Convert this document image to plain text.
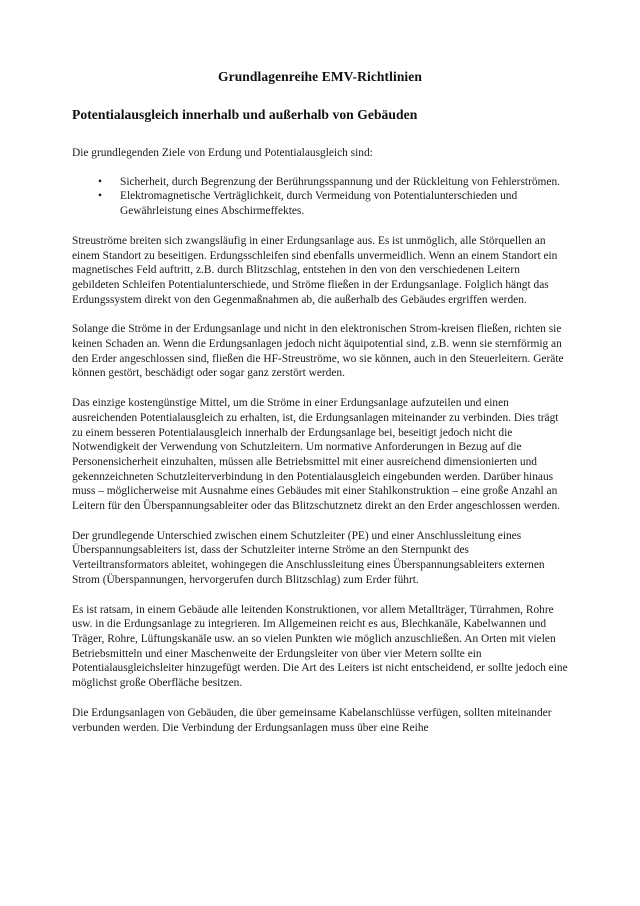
Grundlagenreihe EMV-Richtlinien
Potentialausgleich innerhalb und außerhalb von Gebäuden

Die grundlegenden Ziele von Erdung und Potentialausgleich sind:

• Sicherheit, durch Begrenzung der Berührungsspannung und der Rückleitung von Fehlerströmen.
• Elektromagnetische Verträglichkeit, durch Vermeidung von Potentialunterschieden und Gewährleistung eines Abschirmeffektes.

Streuströme breiten sich zwangsläufig in einer Erdungsanlage aus. Es ist unmöglich, alle Störquellen an einem Standort zu beseitigen. Erdungsschleifen sind ebenfalls unvermeidlich. Wenn an einem Standort ein magnetisches Feld auftritt, z.B. durch Blitzschlag, entstehen in den von den verschiedenen Leitern gebildeten Schleifen Potentialunterschiede, und Ströme fließen in der Erdungsanlage. Folglich hängt das Erdungssystem direkt von den Gegenmaßnahmen ab, die außerhalb des Gebäudes ergriffen werden.

Solange die Ströme in der Erdungsanlage und nicht in den elektronischen Strom-kreisen fließen, richten sie keinen Schaden an. Wenn die Erdungsanlagen jedoch nicht äquipotential sind, z.B. wenn sie sternförmig an den Erder angeschlossen sind, fließen die HF-Streuströme, wo sie können, auch in den Steuerleitern. Geräte können gestört, beschädigt oder sogar ganz zerstört werden.

Das einzige kostengünstige Mittel, um die Ströme in einer Erdungsanlage aufzuteilen und einen ausreichenden Potentialausgleich zu erhalten, ist, die Erdungsanlagen miteinander zu verbinden. Dies trägt zu einem besseren Potentialausgleich innerhalb der Erdungsanlage bei, beseitigt jedoch nicht die Notwendigkeit der Verwendung von Schutzleitern. Um normative Anforderungen in Bezug auf die Personensicherheit einzuhalten, müssen alle Betriebsmittel mit einer ausreichend dimensionierten und gekennzeichneten Schutzleiterverbindung in den Potentialausgleich eingebunden werden. Darüber hinaus muss – möglicherweise mit Ausnahme eines Gebäudes mit einer Stahlkonstruktion – eine große Anzahl an Leitern für den Überspannungsableiter oder das Blitzschutznetz direkt an den Erder angeschlossen werden.

Der grundlegende Unterschied zwischen einem Schutzleiter (PE) und einer Anschlussleitung eines Überspannungsableiters ist, dass der Schutzleiter interne Ströme an den Sternpunkt des Verteiltransformators ableitet, wohingegen die Anschlussleitung eines Überspannungsableiters externen Strom (Überspannungen, hervorgerufen durch Blitzschlag) zum Erder führt.

Es ist ratsam, in einem Gebäude alle leitenden Konstruktionen, vor allem Metallträger, Türrahmen, Rohre usw. in die Erdungsanlage zu integrieren. Im Allgemeinen reicht es aus, Blechkanäle, Kabelwannen und Träger, Rohre, Lüftungskanäle usw. an so vielen Punkten wie möglich anzuschließen. An Orten mit vielen Betriebsmitteln und einer Maschenweite der Erdungsleiter von über vier Metern sollte ein Potentialausgleichsleiter hinzugefügt werden. Die Art des Leiters ist nicht entscheidend, er sollte jedoch eine möglichst große Oberfläche besitzen.

Die Erdungsanlagen von Gebäuden, die über gemeinsame Kabelanschlüsse verfügen, sollten miteinander verbunden werden. Die Verbindung der Erdungsanlagen muss über eine Reihe
